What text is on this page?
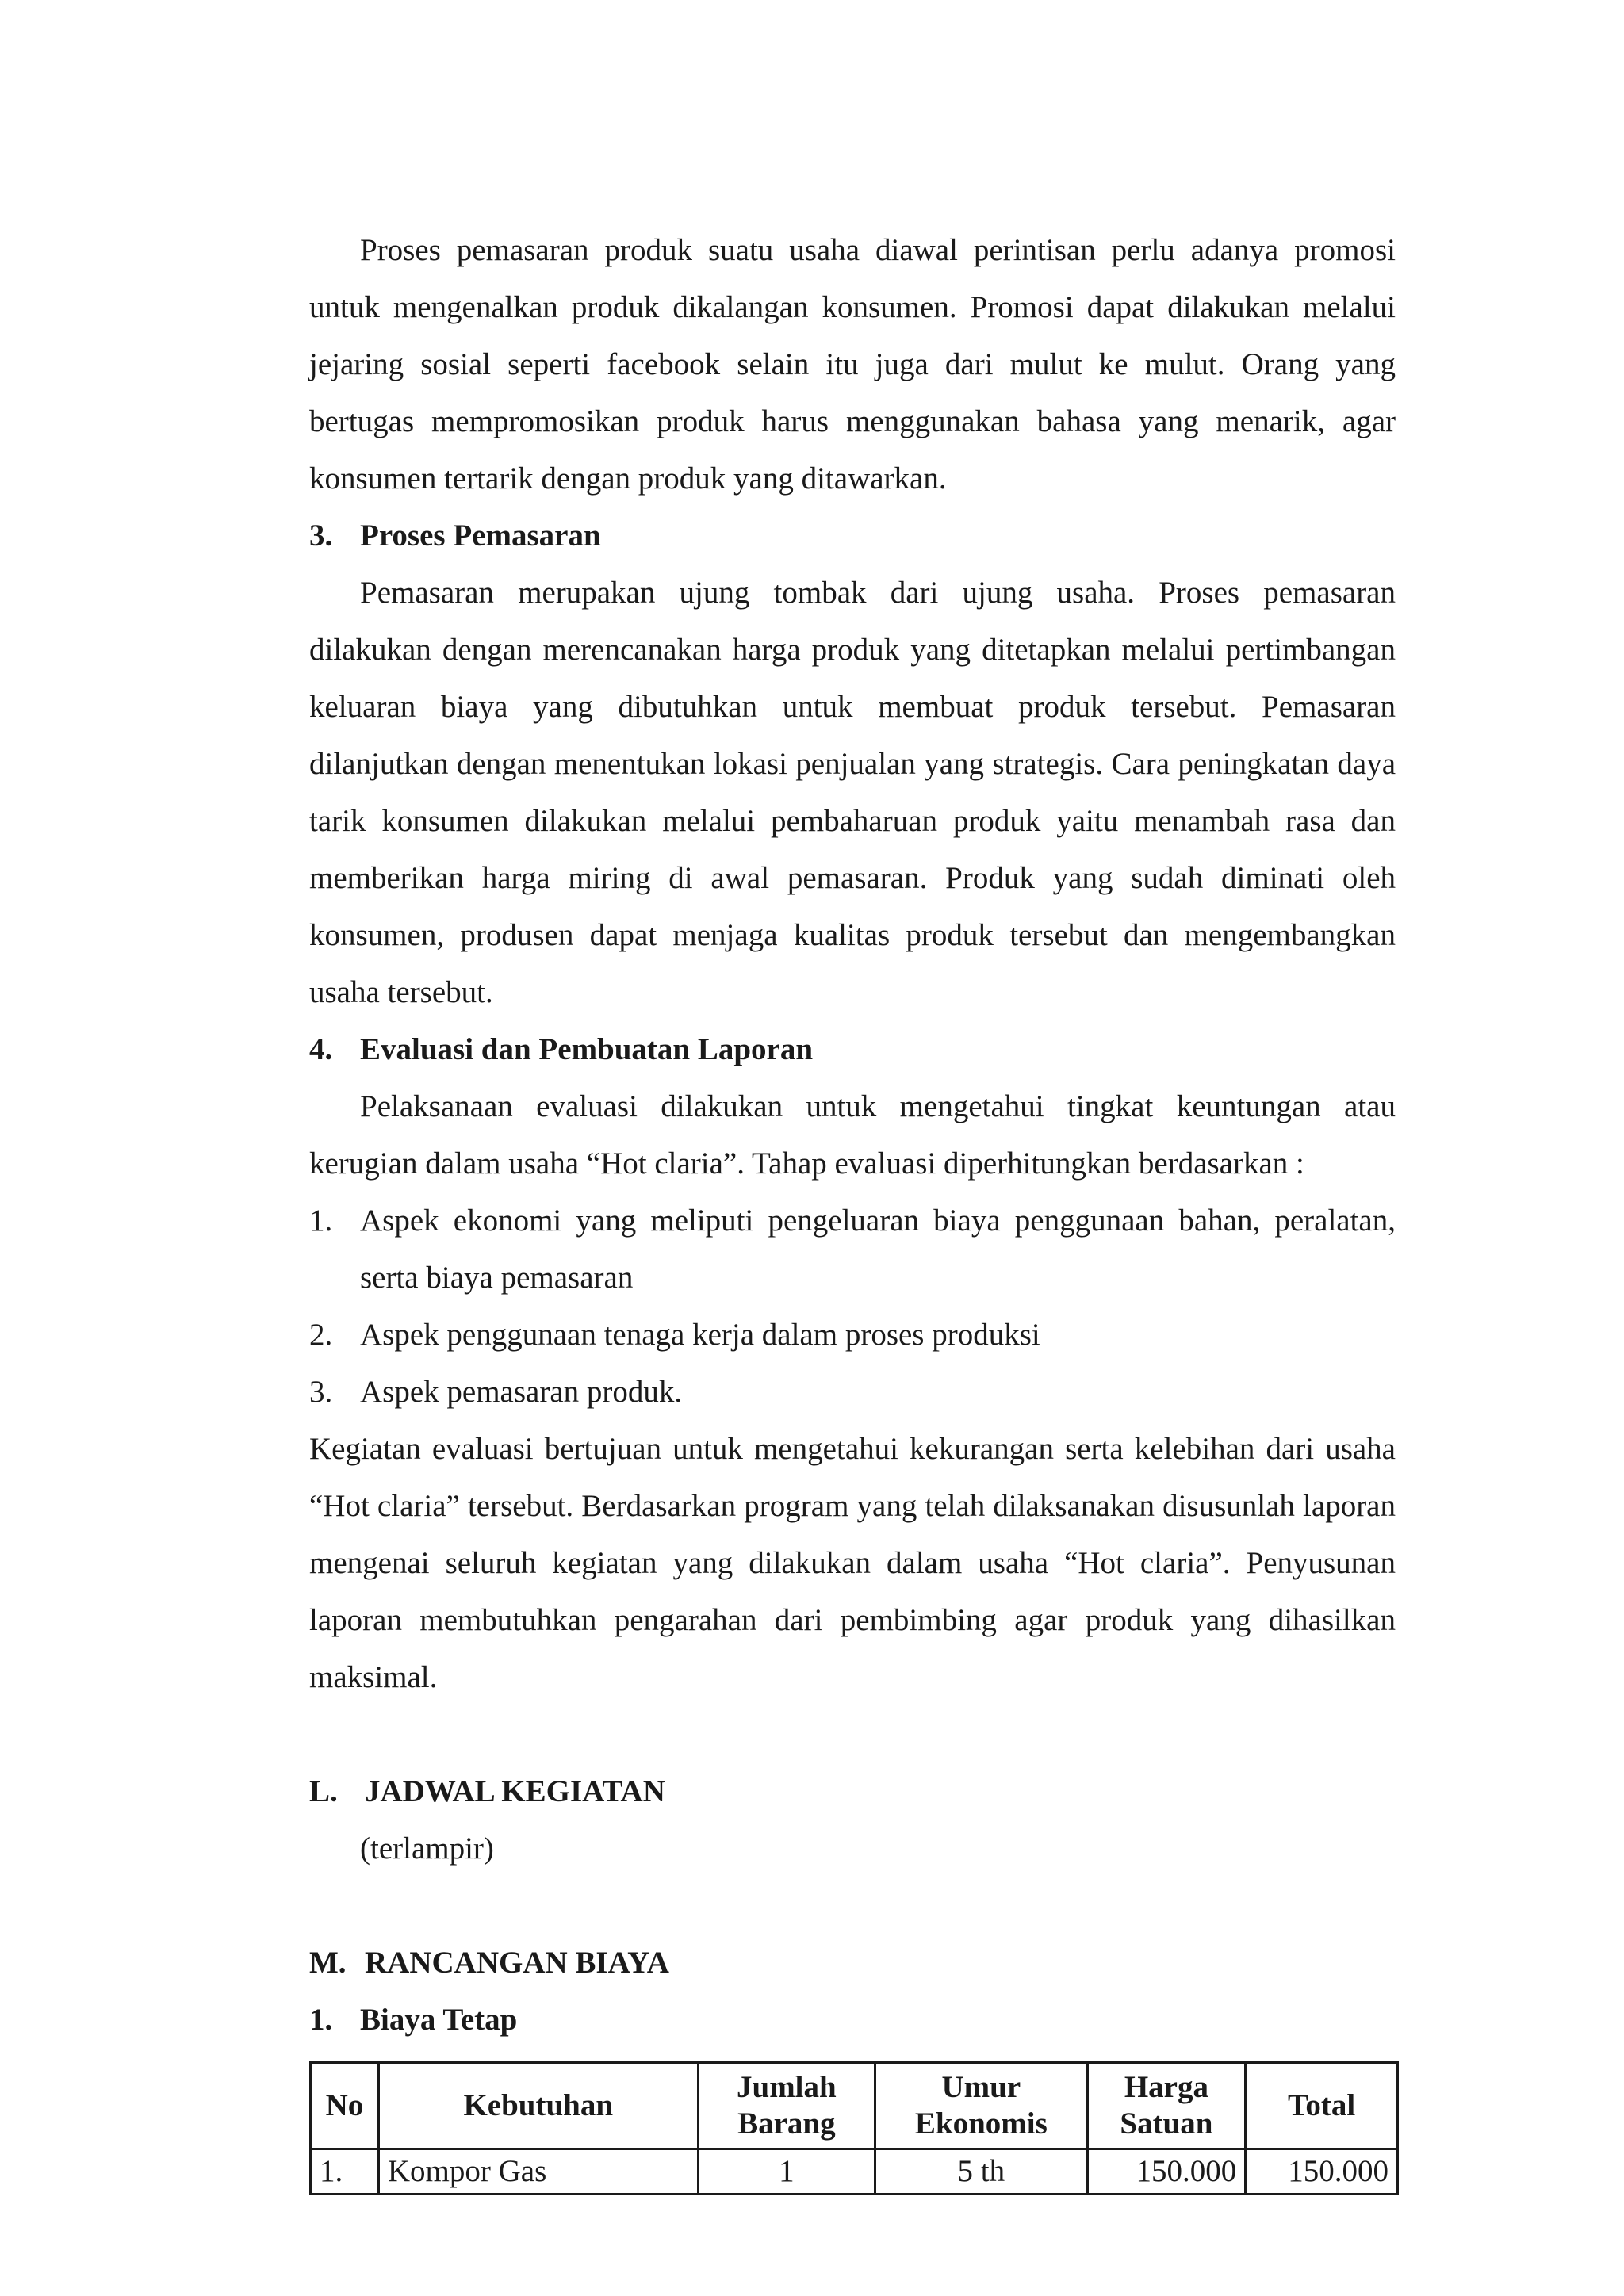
Proses pemasaran produk suatu usaha diawal perintisan perlu adanya promosi untuk mengenalkan produk dikalangan konsumen. Promosi dapat dilakukan melalui jejaring sosial seperti facebook selain itu juga dari mulut ke mulut. Orang yang bertugas mempromosikan produk harus menggunakan bahasa yang menarik, agar konsumen tertarik dengan produk yang ditawarkan.

3. Proses Pemasaran

Pemasaran merupakan ujung tombak dari ujung usaha. Proses pemasaran dilakukan dengan merencanakan harga produk yang ditetapkan melalui pertimbangan keluaran biaya yang dibutuhkan untuk membuat produk tersebut. Pemasaran dilanjutkan dengan menentukan lokasi penjualan yang strategis. Cara peningkatan daya tarik konsumen dilakukan melalui pembaharuan produk yaitu menambah rasa dan memberikan harga miring di awal pemasaran. Produk yang sudah diminati oleh konsumen, produsen dapat menjaga kualitas produk tersebut dan mengembangkan usaha tersebut.

4. Evaluasi dan Pembuatan Laporan

Pelaksanaan evaluasi dilakukan untuk mengetahui tingkat keuntungan atau kerugian dalam usaha “Hot claria”. Tahap evaluasi diperhitungkan berdasarkan :

1. Aspek ekonomi yang meliputi pengeluaran biaya penggunaan bahan, peralatan, serta biaya pemasaran
2. Aspek penggunaan tenaga kerja dalam proses produksi
3. Aspek pemasaran produk.

Kegiatan evaluasi bertujuan untuk mengetahui kekurangan serta kelebihan dari usaha “Hot claria” tersebut. Berdasarkan program yang telah dilaksanakan disusunlah laporan mengenai seluruh kegiatan yang dilakukan dalam usaha “Hot claria”. Penyusunan laporan membutuhkan pengarahan dari pembimbing agar produk yang dihasilkan maksimal.

L. JADWAL KEGIATAN
(terlampir)
M. RANCANGAN BIAYA
1. Biaya Tetap
No	Kebutuhan	Jumlah Barang	Umur Ekonomis	Harga Satuan	Total
1.	Kompor Gas	1	5 th	150.000	150.000
